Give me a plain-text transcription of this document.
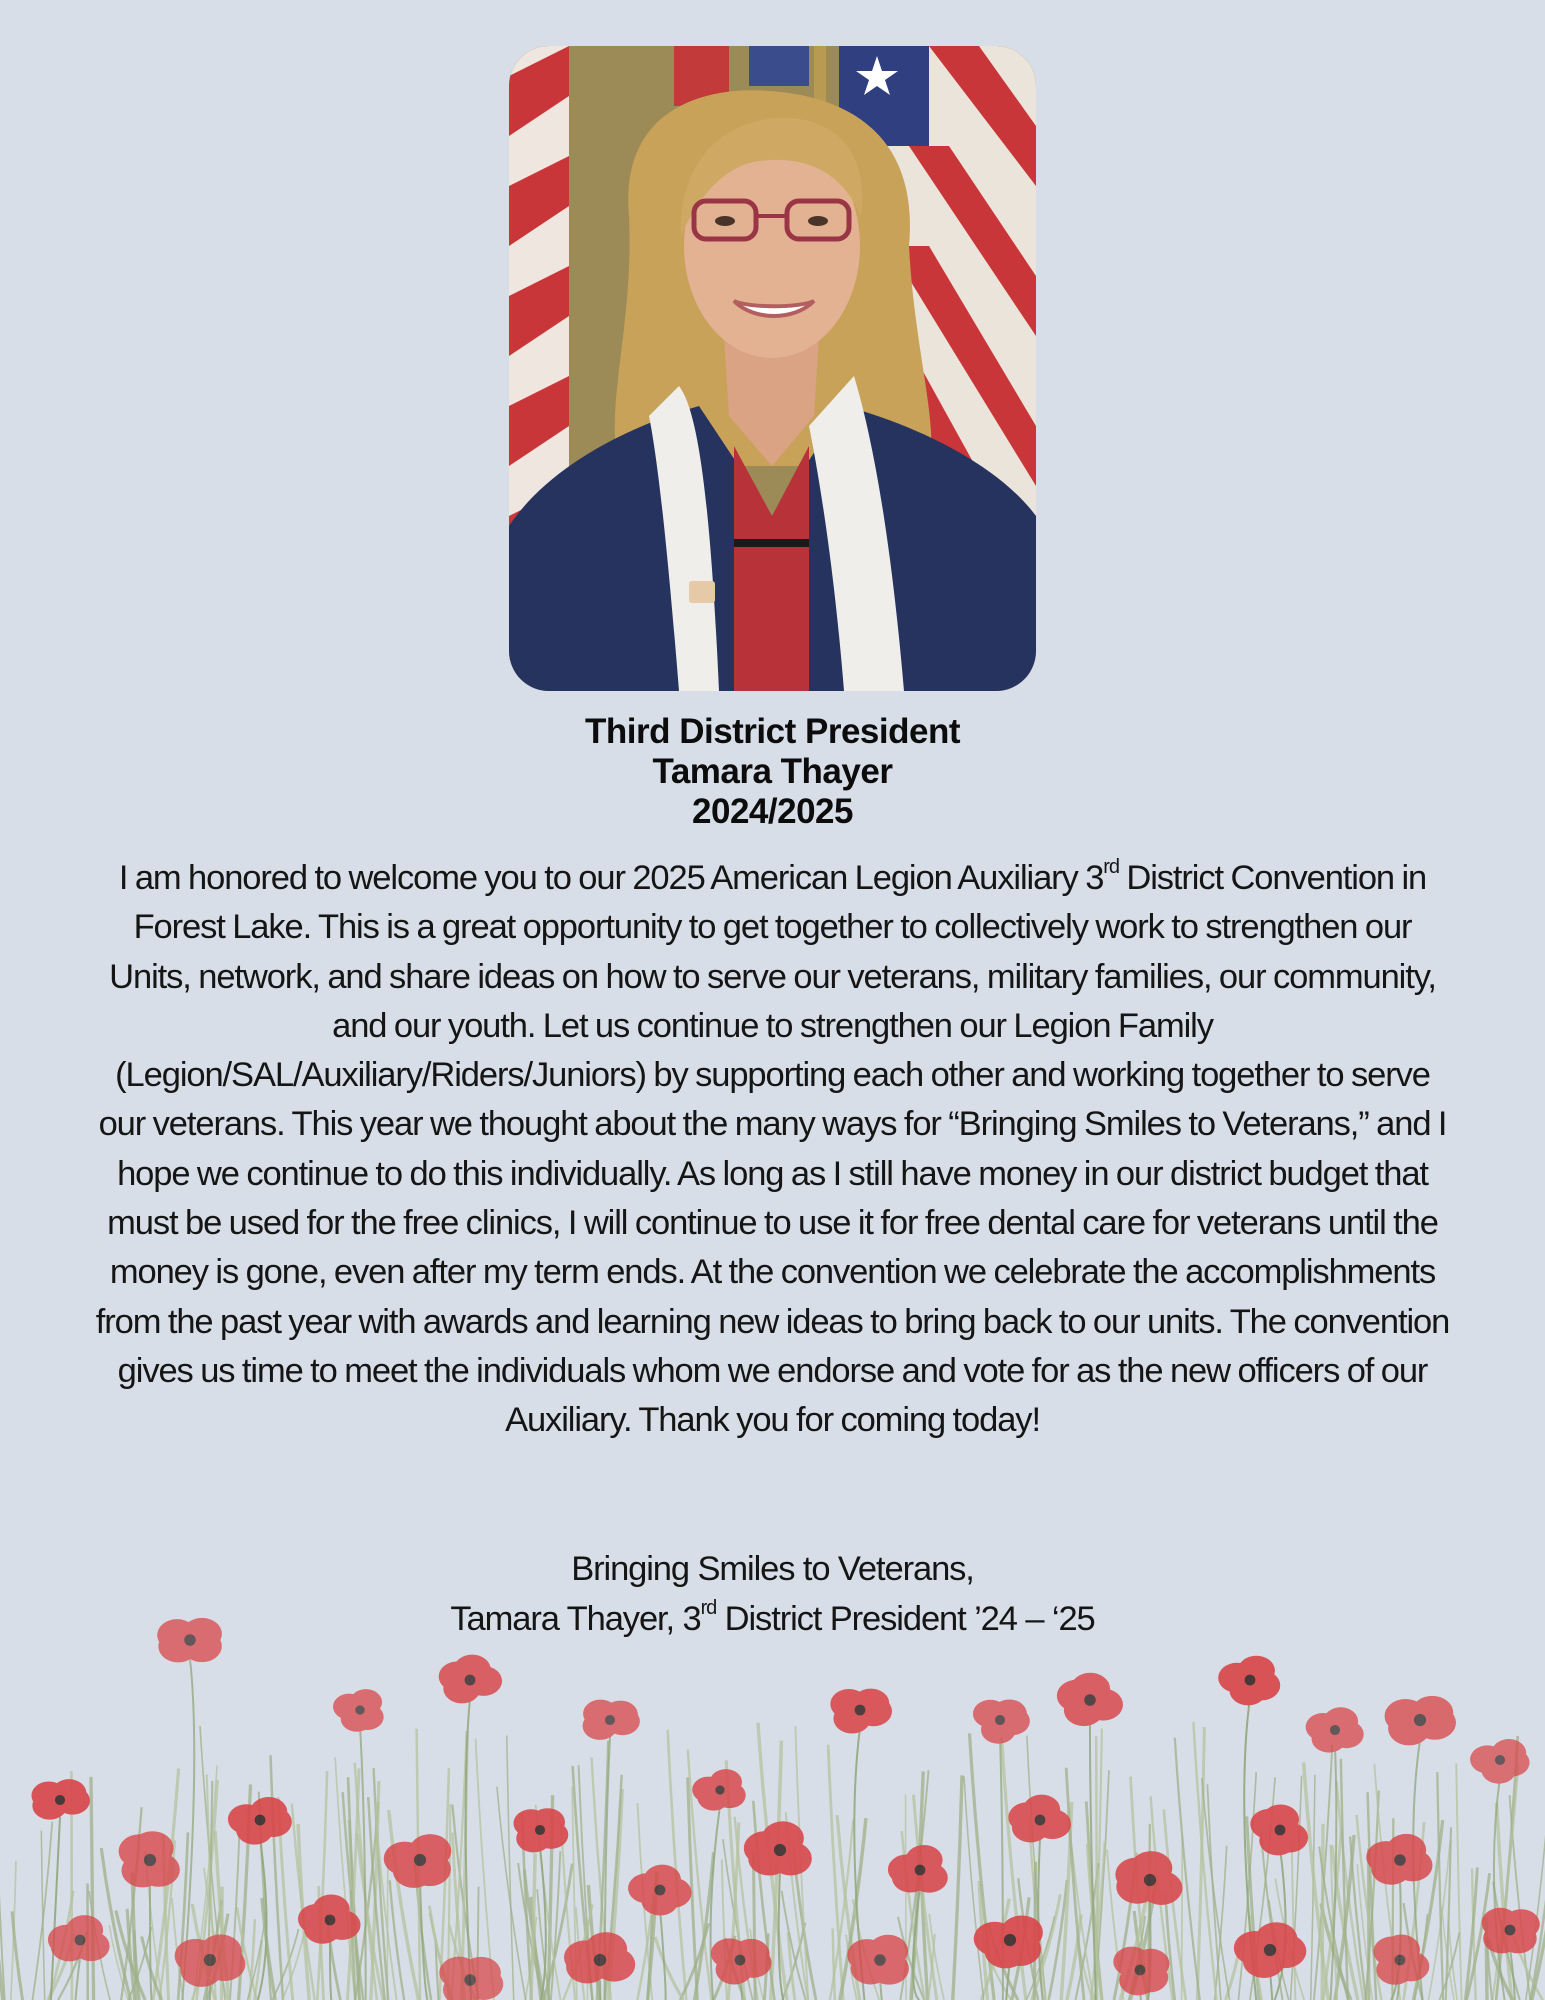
Third District President
Tamara Thayer
2024/2025
I am honored to welcome you to our 2025 American Legion Auxiliary 3rd District Convention in Forest Lake. This is a great opportunity to get together to collectively work to strengthen our Units, network, and share ideas on how to serve our veterans, military families, our community, and our youth. Let us continue to strengthen our Legion Family (Legion/SAL/Auxiliary/Riders/Juniors) by supporting each other and working together to serve our veterans. This year we thought about the many ways for “Bringing Smiles to Veterans,” and I hope we continue to do this individually. As long as I still have money in our district budget that must be used for the free clinics, I will continue to use it for free dental care for veterans until the money is gone, even after my term ends. At the convention we celebrate the accomplishments from the past year with awards and learning new ideas to bring back to our units. The convention gives us time to meet the individuals whom we endorse and vote for as the new officers of our Auxiliary. Thank you for coming today!
Bringing Smiles to Veterans,
Tamara Thayer, 3rd District President ’24 – ‘25
